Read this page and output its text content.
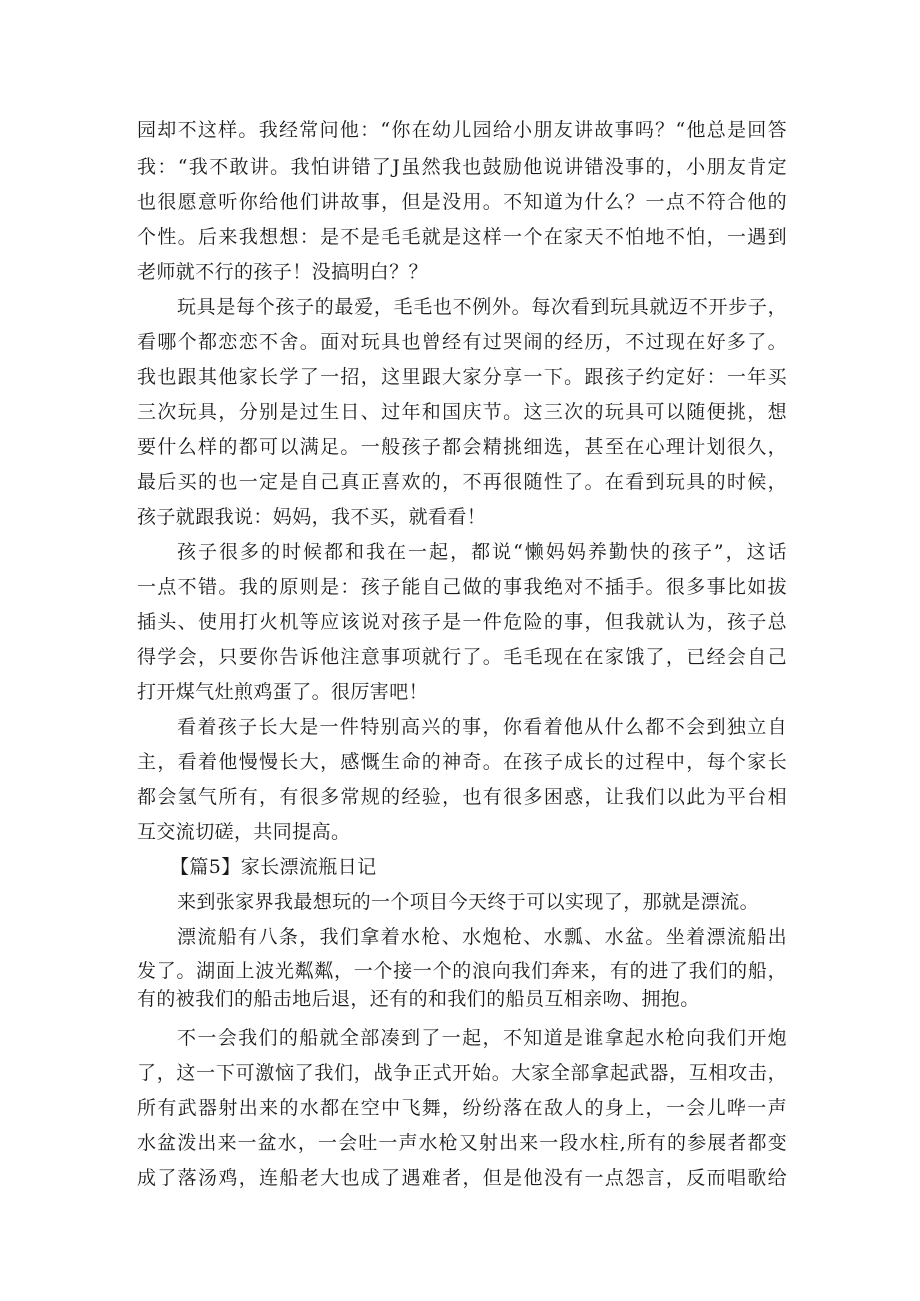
园却不这样。我经常问他：“你在幼儿园给小朋友讲故事吗？“他总是回答
我：“我不敢讲。我怕讲错了J虽然我也鼓励他说讲错没事的，小朋友肯定
也很愿意听你给他们讲故事，但是没用。不知道为什么？一点不符合他的
个性。后来我想想：是不是毛毛就是这样一个在家天不怕地不怕，一遇到
老师就不行的孩子！没搞明白？？
玩具是每个孩子的最爱，毛毛也不例外。每次看到玩具就迈不开步子，
看哪个都恋恋不舍。面对玩具也曾经有过哭闹的经历，不过现在好多了。
我也跟其他家长学了一招，这里跟大家分享一下。跟孩子约定好：一年买
三次玩具，分别是过生日、过年和国庆节。这三次的玩具可以随便挑，想
要什么样的都可以满足。一般孩子都会精挑细选，甚至在心理计划很久，
最后买的也一定是自己真正喜欢的，不再很随性了。在看到玩具的时候，
孩子就跟我说：妈妈，我不买，就看看！
孩子很多的时候都和我在一起，都说“懒妈妈养勤快的孩子”，这话
一点不错。我的原则是：孩子能自己做的事我绝对不插手。很多事比如拔
插头、使用打火机等应该说对孩子是一件危险的事，但我就认为，孩子总
得学会，只要你告诉他注意事项就行了。毛毛现在在家饿了，已经会自己
打开煤气灶煎鸡蛋了。很厉害吧！
看着孩子长大是一件特别高兴的事，你看着他从什么都不会到独立自
主，看着他慢慢长大，感慨生命的神奇。在孩子成长的过程中，每个家长
都会氢气所有，有很多常规的经验，也有很多困惑，让我们以此为平台相
互交流切磋，共同提高。
【篇5】家长漂流瓶日记
来到张家界我最想玩的一个项目今天终于可以实现了，那就是漂流。
漂流船有八条，我们拿着水枪、水炮枪、水瓢、水盆。坐着漂流船出
发了。湖面上波光粼粼，一个接一个的浪向我们奔来，有的进了我们的船，
有的被我们的船击地后退，还有的和我们的船员互相亲吻、拥抱。
不一会我们的船就全部凑到了一起，不知道是谁拿起水枪向我们开炮
了，这一下可激恼了我们，战争正式开始。大家全部拿起武器，互相攻击，
所有武器射出来的水都在空中飞舞，纷纷落在敌人的身上，一会儿哗一声
水盆泼出来一盆水，一会吐一声水枪又射出来一段水柱,所有的参展者都变
成了落汤鸡，连船老大也成了遇难者，但是他没有一点怨言，反而唱歌给
